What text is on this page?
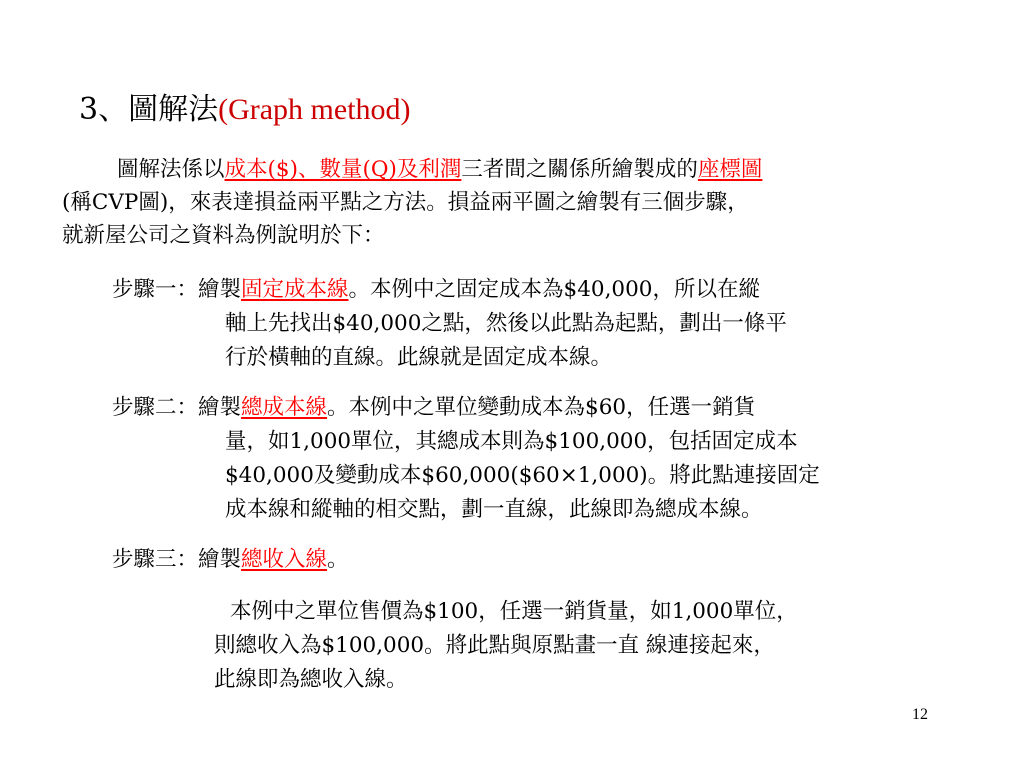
3、圖解法(Graph method)
圖解法係以成本($)、數量(Q)及利潤三者間之關係所繪製成的座標圖
(稱CVP圖)，來表達損益兩平點之方法。損益兩平圖之繪製有三個步驟，
就新屋公司之資料為例說明於下：
步驟一：繪製固定成本線。本例中之固定成本為$40,000，所以在縱
軸上先找出$40,000之點，然後以此點為起點，劃出一條平
行於橫軸的直線。此線就是固定成本線。
步驟二：繪製總成本線。本例中之單位變動成本為$60，任選一銷貨
量，如1,000單位，其總成本則為$100,000，包括固定成本
$40,000及變動成本$60,000($60×1,000)。將此點連接固定
成本線和縱軸的相交點，劃一直線，此線即為總成本線。
步驟三：繪製總收入線。
本例中之單位售價為$100，任選一銷貨量，如1,000單位，
則總收入為$100,000。將此點與原點畫一直 線連接起來，
此線即為總收入線。
12
